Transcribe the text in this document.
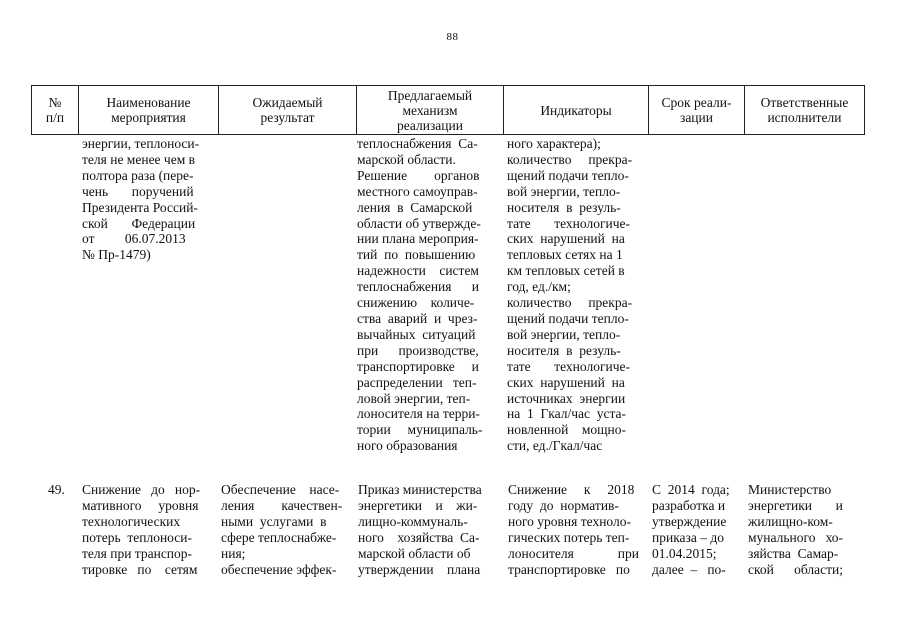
88
№
п/п
Наименование
мероприятия
Ожидаемый
результат
Предлагаемый
механизм
реализации
Индикаторы	Срок реали-
зации
Ответственные
исполнители
энергии, теплоноси-
теля не менее чем в
полтора раза (пере-
чень       поручений
Президента Россий-
ской       Федерации
от         06.07.2013
№ Пр-1479)
теплоснабжения  Са-
марской области.
Решение        органов
местного самоуправ-
ления  в  Самарской
области об утвержде-
нии плана мероприя-
тий  по  повышению
надежности    систем
теплоснабжения      и
снижению    количе-
ства  аварий  и  чрез-
вычайных  ситуаций
при      производстве,
транспортировке     и
распределении   теп-
ловой энергии, теп-
лоносителя на терри-
тории     муниципаль-
ного образования
ного характера);
количество     прекра-
щений подачи тепло-
вой энергии, тепло-
носителя  в  резуль-
тате       технологиче-
ских  нарушений  на
тепловых сетях на 1
км тепловых сетей в
год, ед./км;
количество     прекра-
щений подачи тепло-
вой энергии, тепло-
носителя  в  резуль-
тате       технологиче-
ских  нарушений  на
источниках  энергии
на  1  Гкал/час  уста-
новленной    мощно-
сти, ед./Гкал/час
49. Снижение   до   нор-
мативного     уровня
технологических
потерь  теплоноси-
теля при транспор-
тировке   по    сетям
Обеспечение    насе-
ления        качествен-
ными  услугами  в
сфере теплоснабже-
ния;
обеспечение эффек-
Приказ министерства
энергетики    и    жи-
лищно-коммуналь-
ного    хозяйства  Са-
марской области об
утверждении    плана
Снижение     к     2018
году  до  норматив-
ного уровня техноло-
гических потерь теп-
лоносителя             при
транспортировке   по
С  2014  года;
разработка и
утверждение
приказа – до
01.04.2015;
далее  –   по-
Министерство
энергетики       и
жилищно-ком-
мунального   хо-
зяйства  Самар-
ской      области;
